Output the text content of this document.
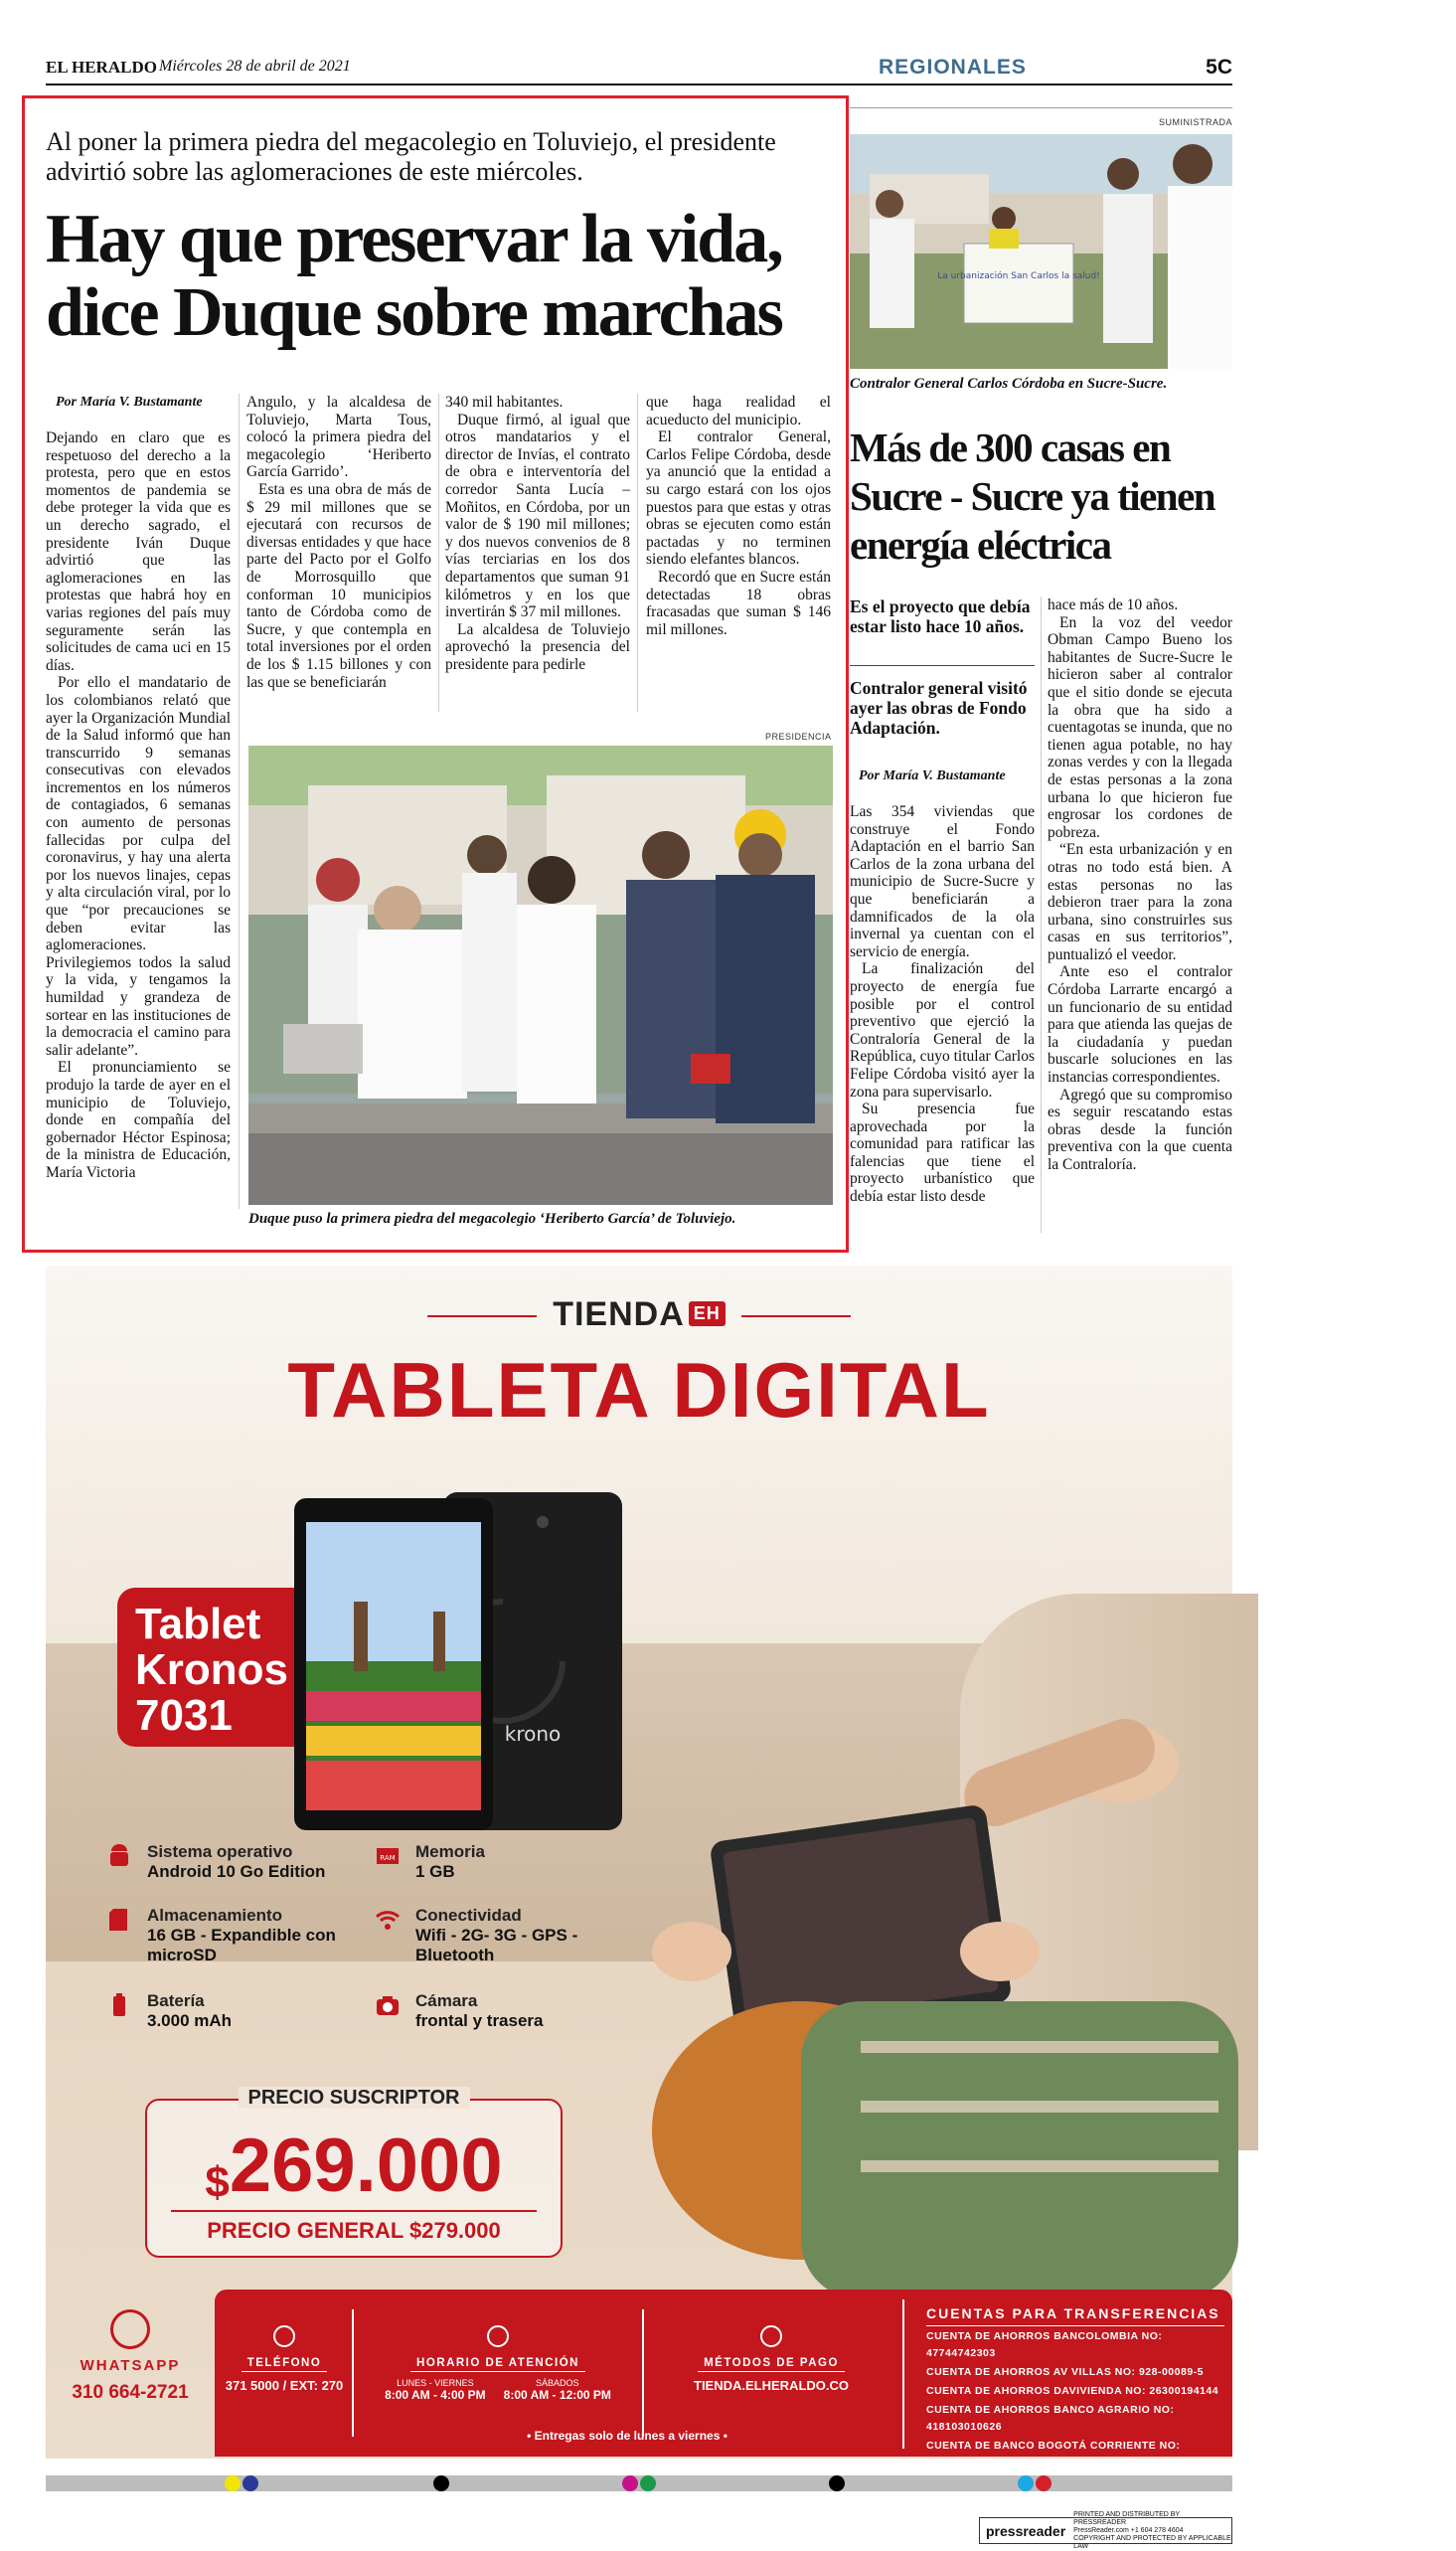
EL HERALDO Miércoles 28 de abril de 2021	REGIONALES	5C
Al poner la primera piedra del megacolegio en Toluviejo, el presidente advirtió sobre las aglomeraciones de este miércoles.
Hay que preservar la vida,
dice Duque sobre marchas
Por María V. Bustamante

Dejando en claro que es respetuoso del derecho a la protesta, pero que en estos momentos de pandemia se debe proteger la vida que es un derecho sagrado, el presidente Iván Duque advirtió que las aglomeraciones en las protestas que habrá hoy en varias regiones del país muy seguramente serán las solicitudes de cama uci en 15 días.

Por ello el mandatario de los colombianos relató que ayer la Organización Mundial de la Salud informó que han transcurrido 9 semanas consecutivas con elevados incrementos en los números de contagiados, 6 semanas con aumento de personas fallecidas por culpa del coronavirus, y hay una alerta por los nuevos linajes, cepas y alta circulación viral, por lo que “por precauciones se deben evitar las aglomeraciones. Privilegiemos todos la salud y la vida, y tengamos la humildad y grandeza de sortear en las instituciones de la democracia el camino para salir adelante”.

El pronunciamiento se produjo la tarde de ayer en el municipio de Toluviejo, donde en compañía del gobernador Héctor Espinosa; de la ministra de Educación, María Victoria

Angulo, y la alcaldesa de Toluviejo, Marta Tous, colocó la primera piedra del megacolegio ‘Heriberto García Garrido’.

Esta es una obra de más de $ 29 mil millones que se ejecutará con recursos de diversas entidades y que hace parte del Pacto por el Golfo de Morrosquillo que conforman 10 municipios tanto de Córdoba como de Sucre, y que contempla en total inversiones por el orden de los $ 1.15 billones y con las que se beneficiarán

340 mil habitantes.

Duque firmó, al igual que otros mandatarios y el director de Invías, el contrato de obra e interventoría del corredor Santa Lucía – Moñitos, en Córdoba, por un valor de $ 190 mil millones; y dos nuevos convenios de 8 vías terciarias en los dos departamentos que suman 91 kilómetros y en los que invertirán $ 37 mil millones.

La alcaldesa de Toluviejo aprovechó la presencia del presidente para pedirle

que haga realidad el acueducto del municipio.

El contralor General, Carlos Felipe Córdoba, desde ya anunció que la entidad a su cargo estará con los ojos puestos para que estas y otras obras se ejecuten como están pactadas y no terminen siendo elefantes blancos.

Recordó que en Sucre están detectadas 18 obras fracasadas que suman $ 146 mil millones.

PRESIDENCIA
Duque puso la primera piedra del megacolegio ‘Heriberto García’ de Toluviejo.
SUMINISTRADA
La urbanización San Carlos la salud!
Contralor General Carlos Córdoba en Sucre-Sucre.
Más de 300 casas en Sucre - Sucre ya tienen energía eléctrica
Es el proyecto que debía estar listo hace 10 años.
Contralor general visitó ayer las obras de Fondo Adaptación.
Por María V. Bustamante

Las 354 viviendas que construye el Fondo Adaptación en el barrio San Carlos de la zona urbana del municipio de Sucre-Sucre y que beneficiarán a damnificados de la ola invernal ya cuentan con el servicio de energía.

La finalización del proyecto de energía fue posible por el control preventivo que ejerció la Contraloría General de la República, cuyo titular Carlos Felipe Córdoba visitó ayer la zona para supervisarlo.

Su presencia fue aprovechada por la comunidad para ratificar las falencias que tiene el proyecto urbanístico que debía estar listo desde

hace más de 10 años.

En la voz del veedor Obman Campo Bueno los habitantes de Sucre-Sucre le hicieron saber al contralor que el sitio donde se ejecuta la obra que ha sido a cuentagotas se inunda, que no tienen agua potable, no hay zonas verdes y con la llegada de estas personas a la zona urbana lo que hicieron fue engrosar los cordones de pobreza.

“En esta urbanización y en otras no todo está bien. A estas personas no las debieron traer para la zona urbana, sino construirles sus casas en sus territorios”, puntualizó el veedor.

Ante eso el contralor Córdoba Larrarte encargó a un funcionario de su entidad para que atienda las quejas de la ciudadanía y puedan buscarle soluciones en las instancias correspondientes.

Agregó que su compromiso es seguir rescatando estas obras desde la función preventiva con la que cuenta la Contraloría.

TIENDA EH
TABLETA DIGITAL
Tablet
Kronos
7031	krono
Sistema operativo
Android 10 Go Edition
RAM Memoria
1 GB
Almacenamiento
16 GB - Expandible con microSD
Conectividad
Wifi - 2G- 3G - GPS - Bluetooth
Batería
3.000 mAh
Cámara
frontal y trasera
PRECIO SUSCRIPTOR
$269.000
PRECIO GENERAL $279.000
WHATSAPP
310 664-2721
TELÉFONO
371 5000 / EXT: 270
HORARIO DE ATENCIÓN
LUNES - VIERNES
8:00 AM - 4:00 PM
SÁBADOS
8:00 AM - 12:00 PM
MÉTODOS DE PAGO
TIENDA.ELHERALDO.CO
CUENTAS PARA TRANSFERENCIAS
CUENTA DE AHORROS BANCOLOMBIA NO: 47744742303
CUENTA DE AHORROS AV VILLAS NO: 928-00089-5
CUENTA DE AHORROS DAVIVIENDA NO: 26300194144
CUENTA DE AHORROS BANCO AGRARIO NO: 418103010626
CUENTA DE BANCO BOGOTÁ CORRIENTE NO: 170005912
• Entregas solo de lunes a viernes •
pressreader
PRINTED AND DISTRIBUTED BY PRESSREADER
PressReader.com +1 604 278 4604
COPYRIGHT AND PROTECTED BY APPLICABLE LAW
